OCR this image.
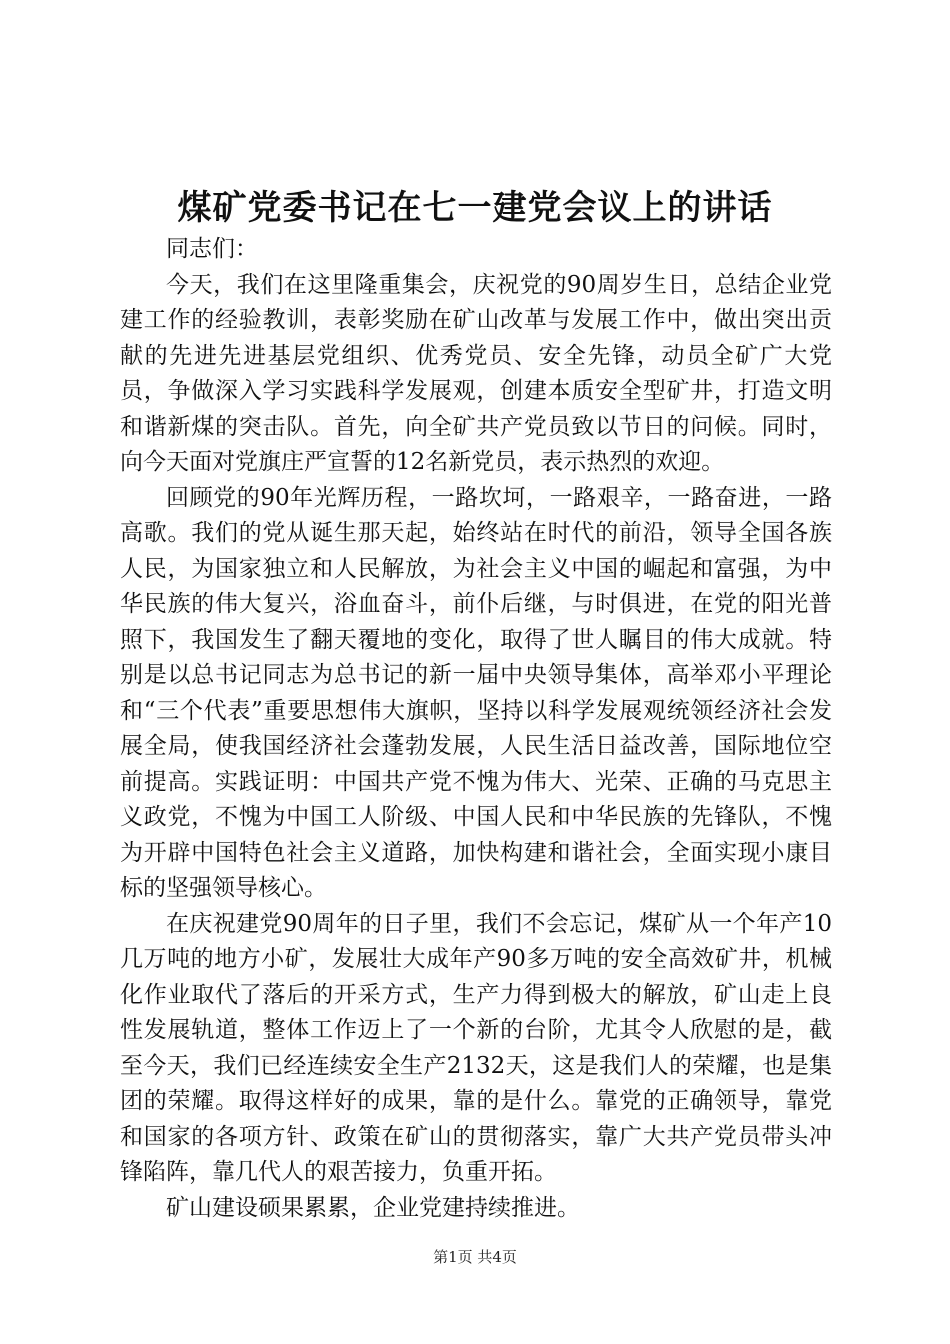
煤矿党委书记在七一建党会议上的讲话

同志们：

今天，我们在这里隆重集会，庆祝党的90周岁生日，总结企业党建工作的经验教训，表彰奖励在矿山改革与发展工作中，做出突出贡献的先进先进基层党组织、优秀党员、安全先锋，动员全矿广大党员，争做深入学习实践科学发展观，创建本质安全型矿井，打造文明和谐新煤的突击队。首先，向全矿共产党员致以节日的问候。同时，向今天面对党旗庄严宣誓的12名新党员，表示热烈的欢迎。

回顾党的90年光辉历程，一路坎坷，一路艰辛，一路奋进，一路高歌。我们的党从诞生那天起，始终站在时代的前沿，领导全国各族人民，为国家独立和人民解放，为社会主义中国的崛起和富强，为中华民族的伟大复兴，浴血奋斗，前仆后继，与时俱进，在党的阳光普照下，我国发生了翻天覆地的变化，取得了世人瞩目的伟大成就。特别是以总书记同志为总书记的新一届中央领导集体，高举邓小平理论和“三个代表”重要思想伟大旗帜，坚持以科学发展观统领经济社会发展全局，使我国经济社会蓬勃发展，人民生活日益改善，国际地位空前提高。实践证明：中国共产党不愧为伟大、光荣、正确的马克思主义政党，不愧为中国工人阶级、中国人民和中华民族的先锋队，不愧为开辟中国特色社会主义道路，加快构建和谐社会，全面实现小康目标的坚强领导核心。

在庆祝建党90周年的日子里，我们不会忘记，煤矿从一个年产10几万吨的地方小矿，发展壮大成年产90多万吨的安全高效矿井，机械化作业取代了落后的开采方式，生产力得到极大的解放，矿山走上良性发展轨道，整体工作迈上了一个新的台阶，尤其令人欣慰的是，截至今天，我们已经连续安全生产2132天，这是我们人的荣耀，也是集团的荣耀。取得这样好的成果，靠的是什么。靠党的正确领导，靠党和国家的各项方针、政策在矿山的贯彻落实，靠广大共产党员带头冲锋陷阵，靠几代人的艰苦接力，负重开拓。

矿山建设硕果累累，企业党建持续推进。

第1页 共4页
